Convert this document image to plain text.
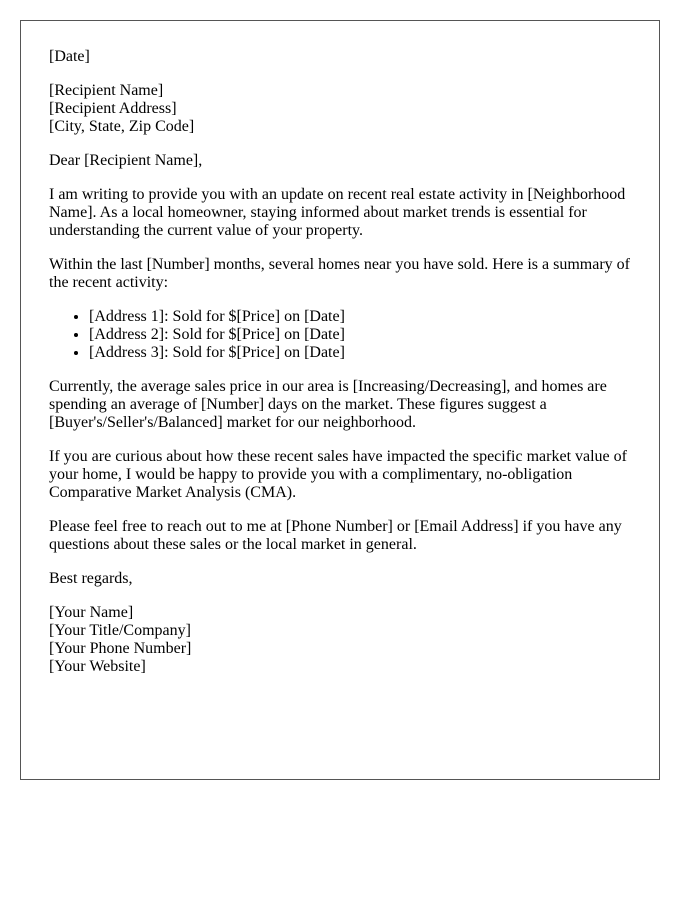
[Date]

[Recipient Name]
[Recipient Address]
[City, State, Zip Code]

Dear [Recipient Name],

I am writing to provide you with an update on recent real estate activity in [Neighborhood Name]. As a local homeowner, staying informed about market trends is essential for understanding the current value of your property.

Within the last [Number] months, several homes near you have sold. Here is a summary of the recent activity:

• [Address 1]: Sold for $[Price] on [Date]
• [Address 2]: Sold for $[Price] on [Date]
• [Address 3]: Sold for $[Price] on [Date]

Currently, the average sales price in our area is [Increasing/Decreasing], and homes are spending an average of [Number] days on the market. These figures suggest a [Buyer's/Seller's/Balanced] market for our neighborhood.

If you are curious about how these recent sales have impacted the specific market value of your home, I would be happy to provide you with a complimentary, no-obligation Comparative Market Analysis (CMA).

Please feel free to reach out to me at [Phone Number] or [Email Address] if you have any questions about these sales or the local market in general.

Best regards,

[Your Name]
[Your Title/Company]
[Your Phone Number]
[Your Website]
